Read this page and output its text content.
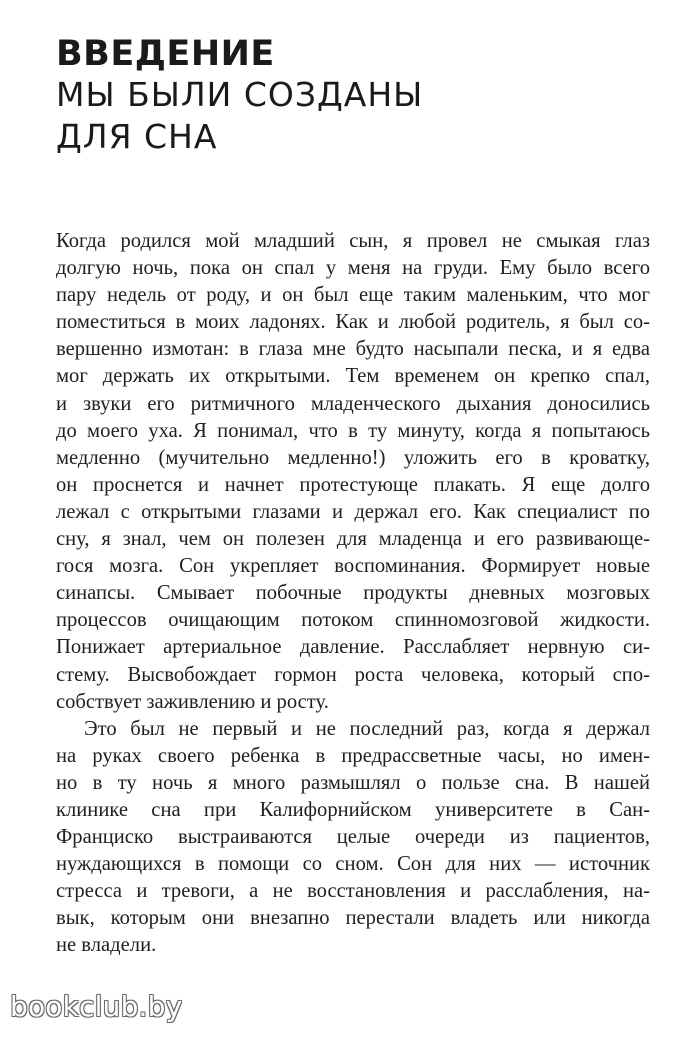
ВВЕДЕНИЕ
МЫ БЫЛИ СОЗДАНЫ
ДЛЯ СНА

Когда родился мой младший сын, я провел не смыкая глаз
долгую ночь, пока он спал у меня на груди. Ему было всего
пару недель от роду, и он был еще таким маленьким, что мог
поместиться в моих ладонях. Как и любой родитель, я был со-
вершенно измотан: в глаза мне будто насыпали песка, и я едва
мог держать их открытыми. Тем временем он крепко спал,
и звуки его ритмичного младенческого дыхания доносились
до моего уха. Я понимал, что в ту минуту, когда я попытаюсь
медленно (мучительно медленно!) уложить его в кроватку,
он проснется и начнет протестующе плакать. Я еще долго
лежал с открытыми глазами и держал его. Как специалист по
сну, я знал, чем он полезен для младенца и его развивающе-
гося мозга. Сон укрепляет воспоминания. Формирует новые
синапсы. Смывает побочные продукты дневных мозговых
процессов очищающим потоком спинномозговой жидкости.
Понижает артериальное давление. Расслабляет нервную си-
стему. Высвобождает гормон роста человека, который спо-
собствует заживлению и росту.

Это был не первый и не последний раз, когда я держал
на руках своего ребенка в предрассветные часы, но имен-
но в ту ночь я много размышлял о пользе сна. В нашей
клинике сна при Калифорнийском университете в Сан-
Франциско выстраиваются целые очереди из пациентов,
нуждающихся в помощи со сном. Сон для них — источник
стресса и тревоги, а не восстановления и расслабления, на-
вык, которым они внезапно перестали владеть или никогда
не владели.

bookclub.by
